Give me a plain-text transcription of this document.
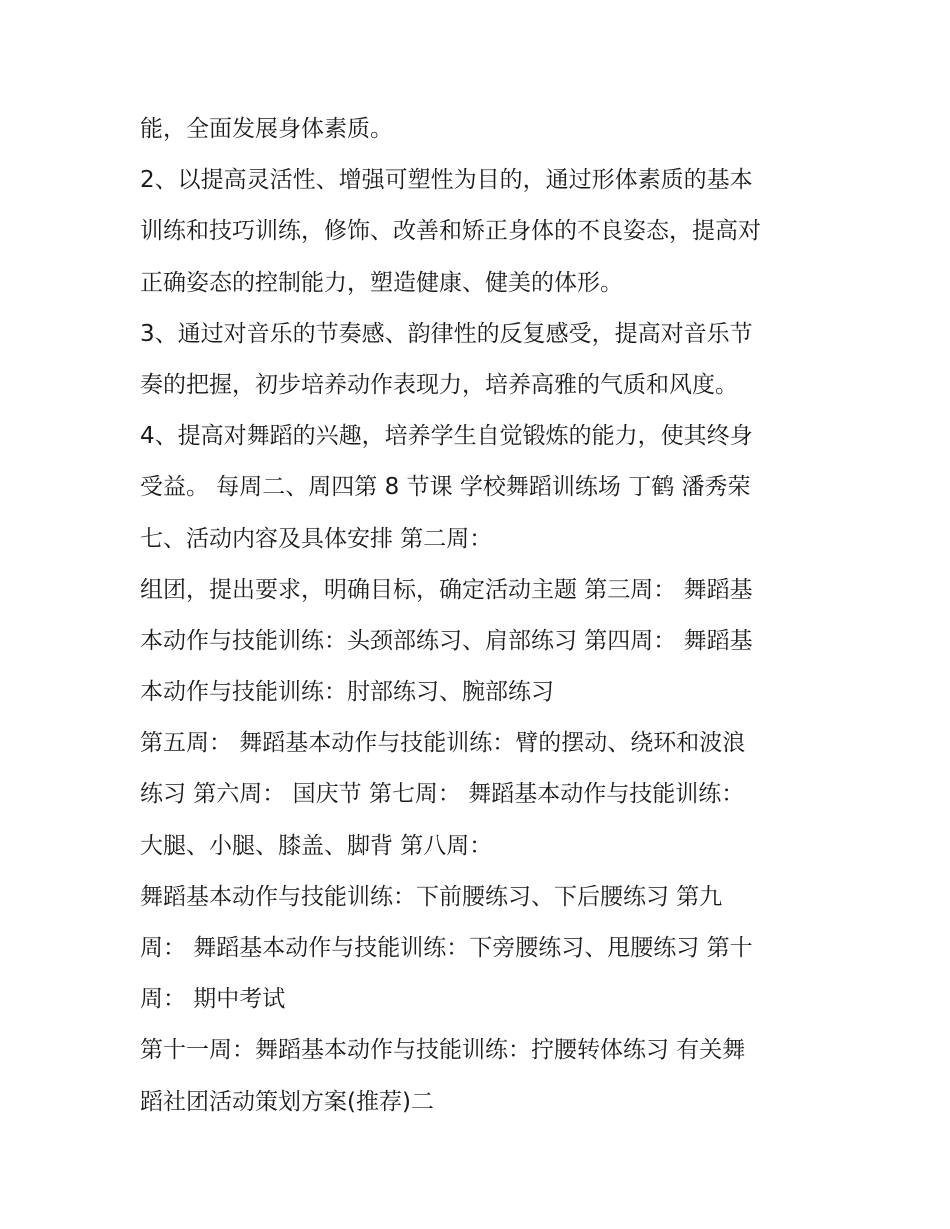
能，全面发展身体素质。
2、以提高灵活性、增强可塑性为目的，通过形体素质的基本
训练和技巧训练，修饰、改善和矫正身体的不良姿态，提高对
正确姿态的控制能力，塑造健康、健美的体形。
3、通过对音乐的节奏感、韵律性的反复感受，提高对音乐节
奏的把握，初步培养动作表现力，培养高雅的气质和风度。
4、提高对舞蹈的兴趣，培养学生自觉锻炼的能力，使其终身
受益。 每周二、周四第 8 节课 学校舞蹈训练场 丁鹤 潘秀荣
七、活动内容及具体安排 第二周：
组团，提出要求，明确目标，确定活动主题 第三周： 舞蹈基
本动作与技能训练：头颈部练习、肩部练习 第四周： 舞蹈基
本动作与技能训练：肘部练习、腕部练习
第五周： 舞蹈基本动作与技能训练：臂的摆动、绕环和波浪
练习 第六周： 国庆节 第七周： 舞蹈基本动作与技能训练：
大腿、小腿、膝盖、脚背 第八周：
舞蹈基本动作与技能训练：下前腰练习、下后腰练习 第九
周： 舞蹈基本动作与技能训练：下旁腰练习、甩腰练习 第十
周： 期中考试
第十一周：舞蹈基本动作与技能训练：拧腰转体练习 有关舞
蹈社团活动策划方案(推荐)二
